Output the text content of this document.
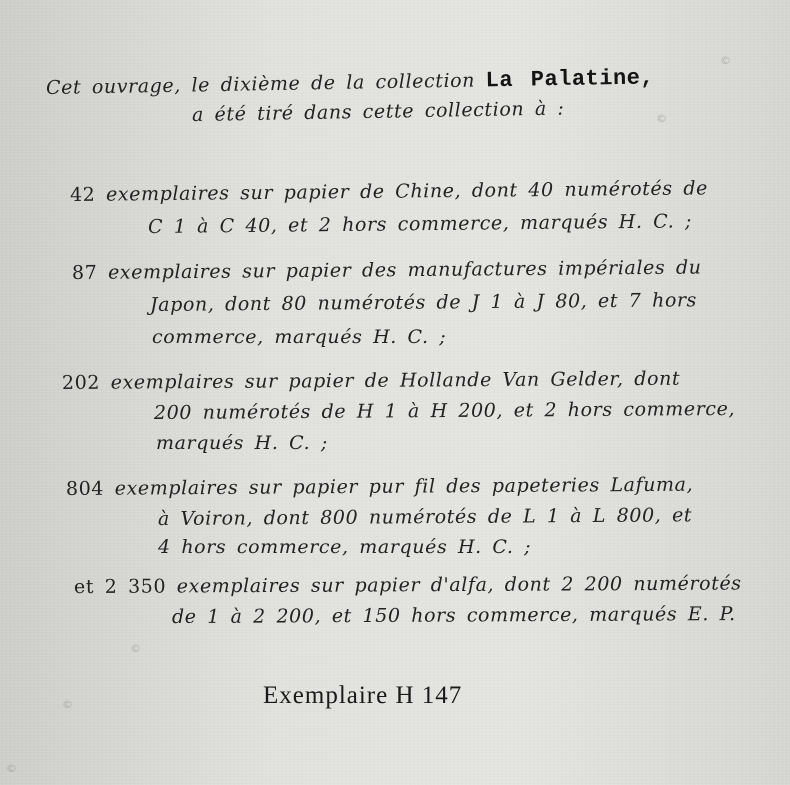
Cet ouvrage, le dixième de la collection La Palatine,
a été tiré dans cette collection à :
42 exemplaires sur papier de Chine, dont 40 numérotés de
C 1 à C 40, et 2 hors commerce, marqués H. C. ;
87 exemplaires sur papier des manufactures impériales du
Japon, dont 80 numérotés de J 1 à J 80, et 7 hors
commerce, marqués H. C. ;
202 exemplaires sur papier de Hollande Van Gelder, dont
200 numérotés de H 1 à H 200, et 2 hors commerce,
marqués H. C. ;
804 exemplaires sur papier pur fil des papeteries Lafuma,
à Voiron, dont 800 numérotés de L 1 à L 800, et
4 hors commerce, marqués H. C. ;
et 2 350 exemplaires sur papier d'alfa, dont 2 200 numérotés
de 1 à 2 200, et 150 hors commerce, marqués E. P.
Exemplaire H 147
©
©
©
©
©
